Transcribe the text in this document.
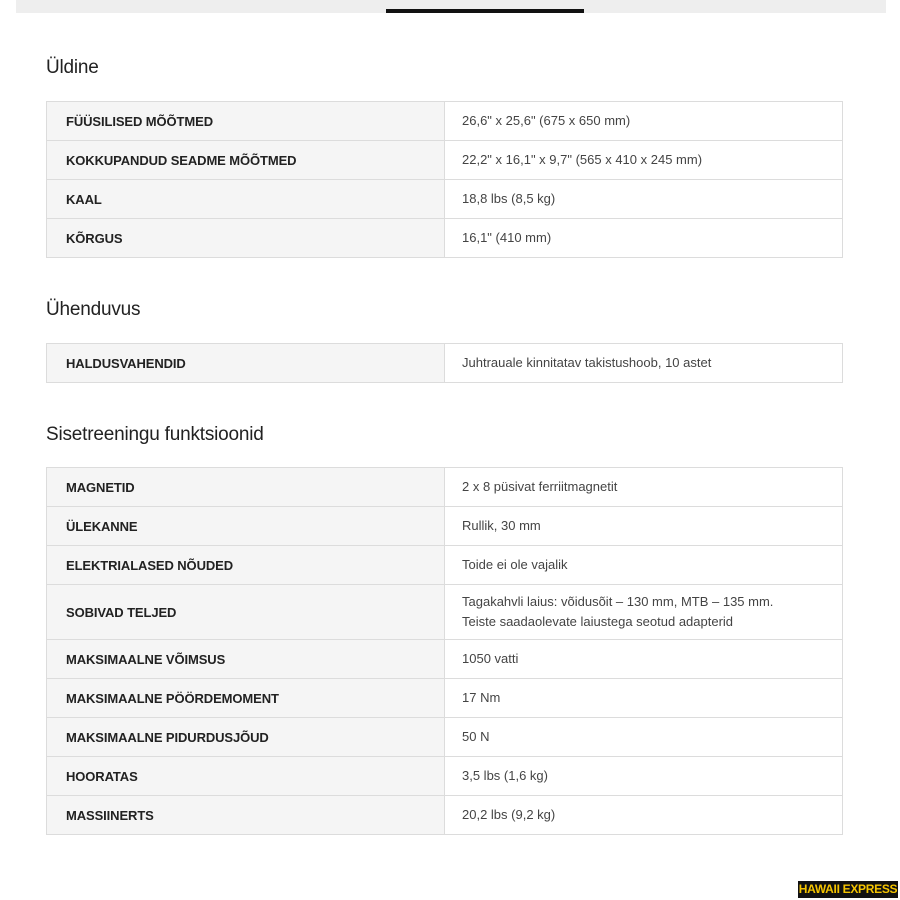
Üldine
FÜÜSILISED MÕÕTMED	26,6" x 25,6" (675 x 650 mm)
KOKKUPANDUD SEADME MÕÕTMED	22,2" x 16,1" x 9,7" (565 x 410 x 245 mm)
KAAL	18,8 lbs (8,5 kg)
KÕRGUS	16,1" (410 mm)
Ühenduvus
HALDUSVAHENDID	Juhtrauale kinnitatav takistushoob, 10 astet
Sisetreeningu funktsioonid
MAGNETID	2 x 8 püsivat ferriitmagnetit
ÜLEKANNE	Rullik, 30 mm
ELEKTRIALASED NÕUDED	Toide ei ole vajalik
SOBIVAD TELJED	Tagakahvli laius: võidusõit – 130 mm, MTB – 135 mm.
Teiste saadaolevate laiustega seotud adapterid

MAKSIMAALNE VÕIMSUS	1050 vatti
MAKSIMAALNE PÖÖRDEMOMENT	17 Nm
MAKSIMAALNE PIDURDUSJÕUD	50 N
HOORATAS	3,5 lbs (1,6 kg)
MASSIINERTS	20,2 lbs (9,2 kg)
HAWAII EXPRESS
